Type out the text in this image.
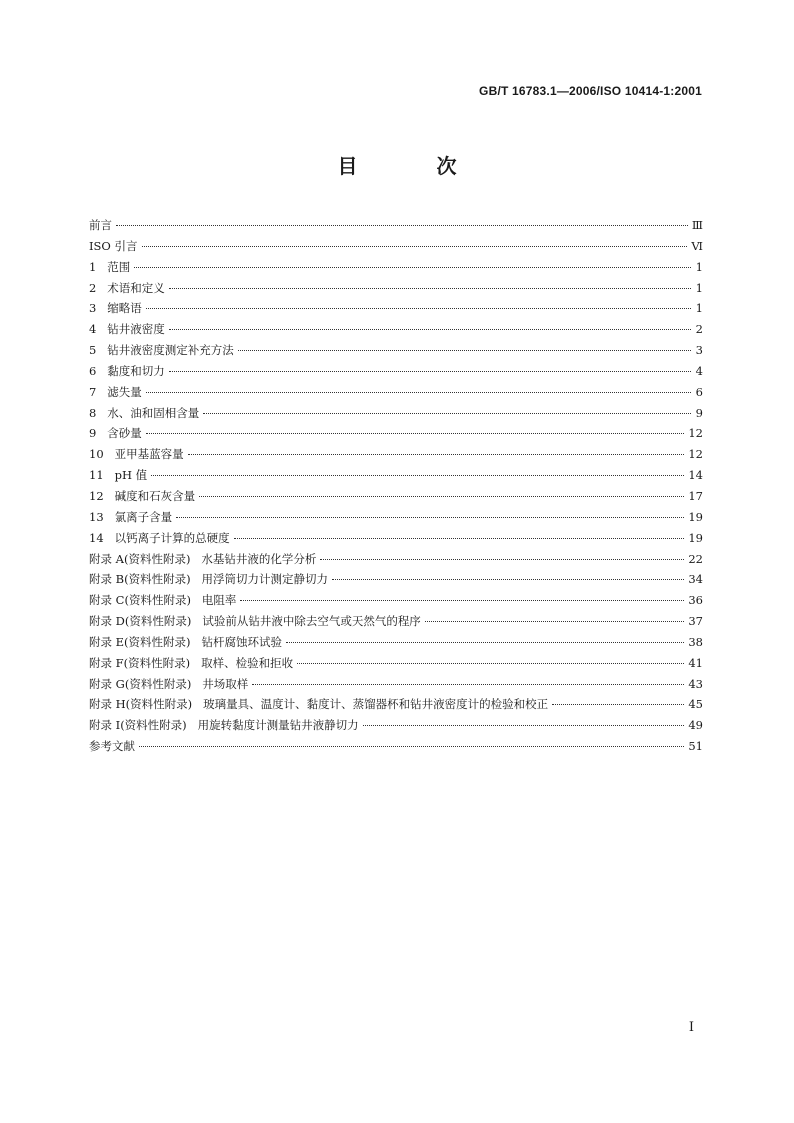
GB/T 16783.1—2006/ISO 10414-1:2001
目 次
前言	Ⅲ
ISO 引言	Ⅵ
1   范围	1
2   术语和定义	1
3   缩略语	1
4   钻井液密度	2
5   钻井液密度测定补充方法	3
6   黏度和切力	4
7   滤失量	6
8   水、油和固相含量	9
9   含砂量	12
10   亚甲基蓝容量	12
11   pH 值	14
12   碱度和石灰含量	17
13   氯离子含量	19
14   以钙离子计算的总硬度	19
附录 A(资料性附录)   水基钻井液的化学分析	22
附录 B(资料性附录)   用浮筒切力计测定静切力	34
附录 C(资料性附录)   电阻率	36
附录 D(资料性附录)   试验前从钻井液中除去空气或天然气的程序	37
附录 E(资料性附录)   钻杆腐蚀环试验	38
附录 F(资料性附录)   取样、检验和拒收	41
附录 G(资料性附录)   井场取样	43
附录 H(资料性附录)   玻璃量具、温度计、黏度计、蒸馏器杯和钻井液密度计的检验和校正	45
附录 I(资料性附录)   用旋转黏度计测量钻井液静切力	49
参考文献	51
I
